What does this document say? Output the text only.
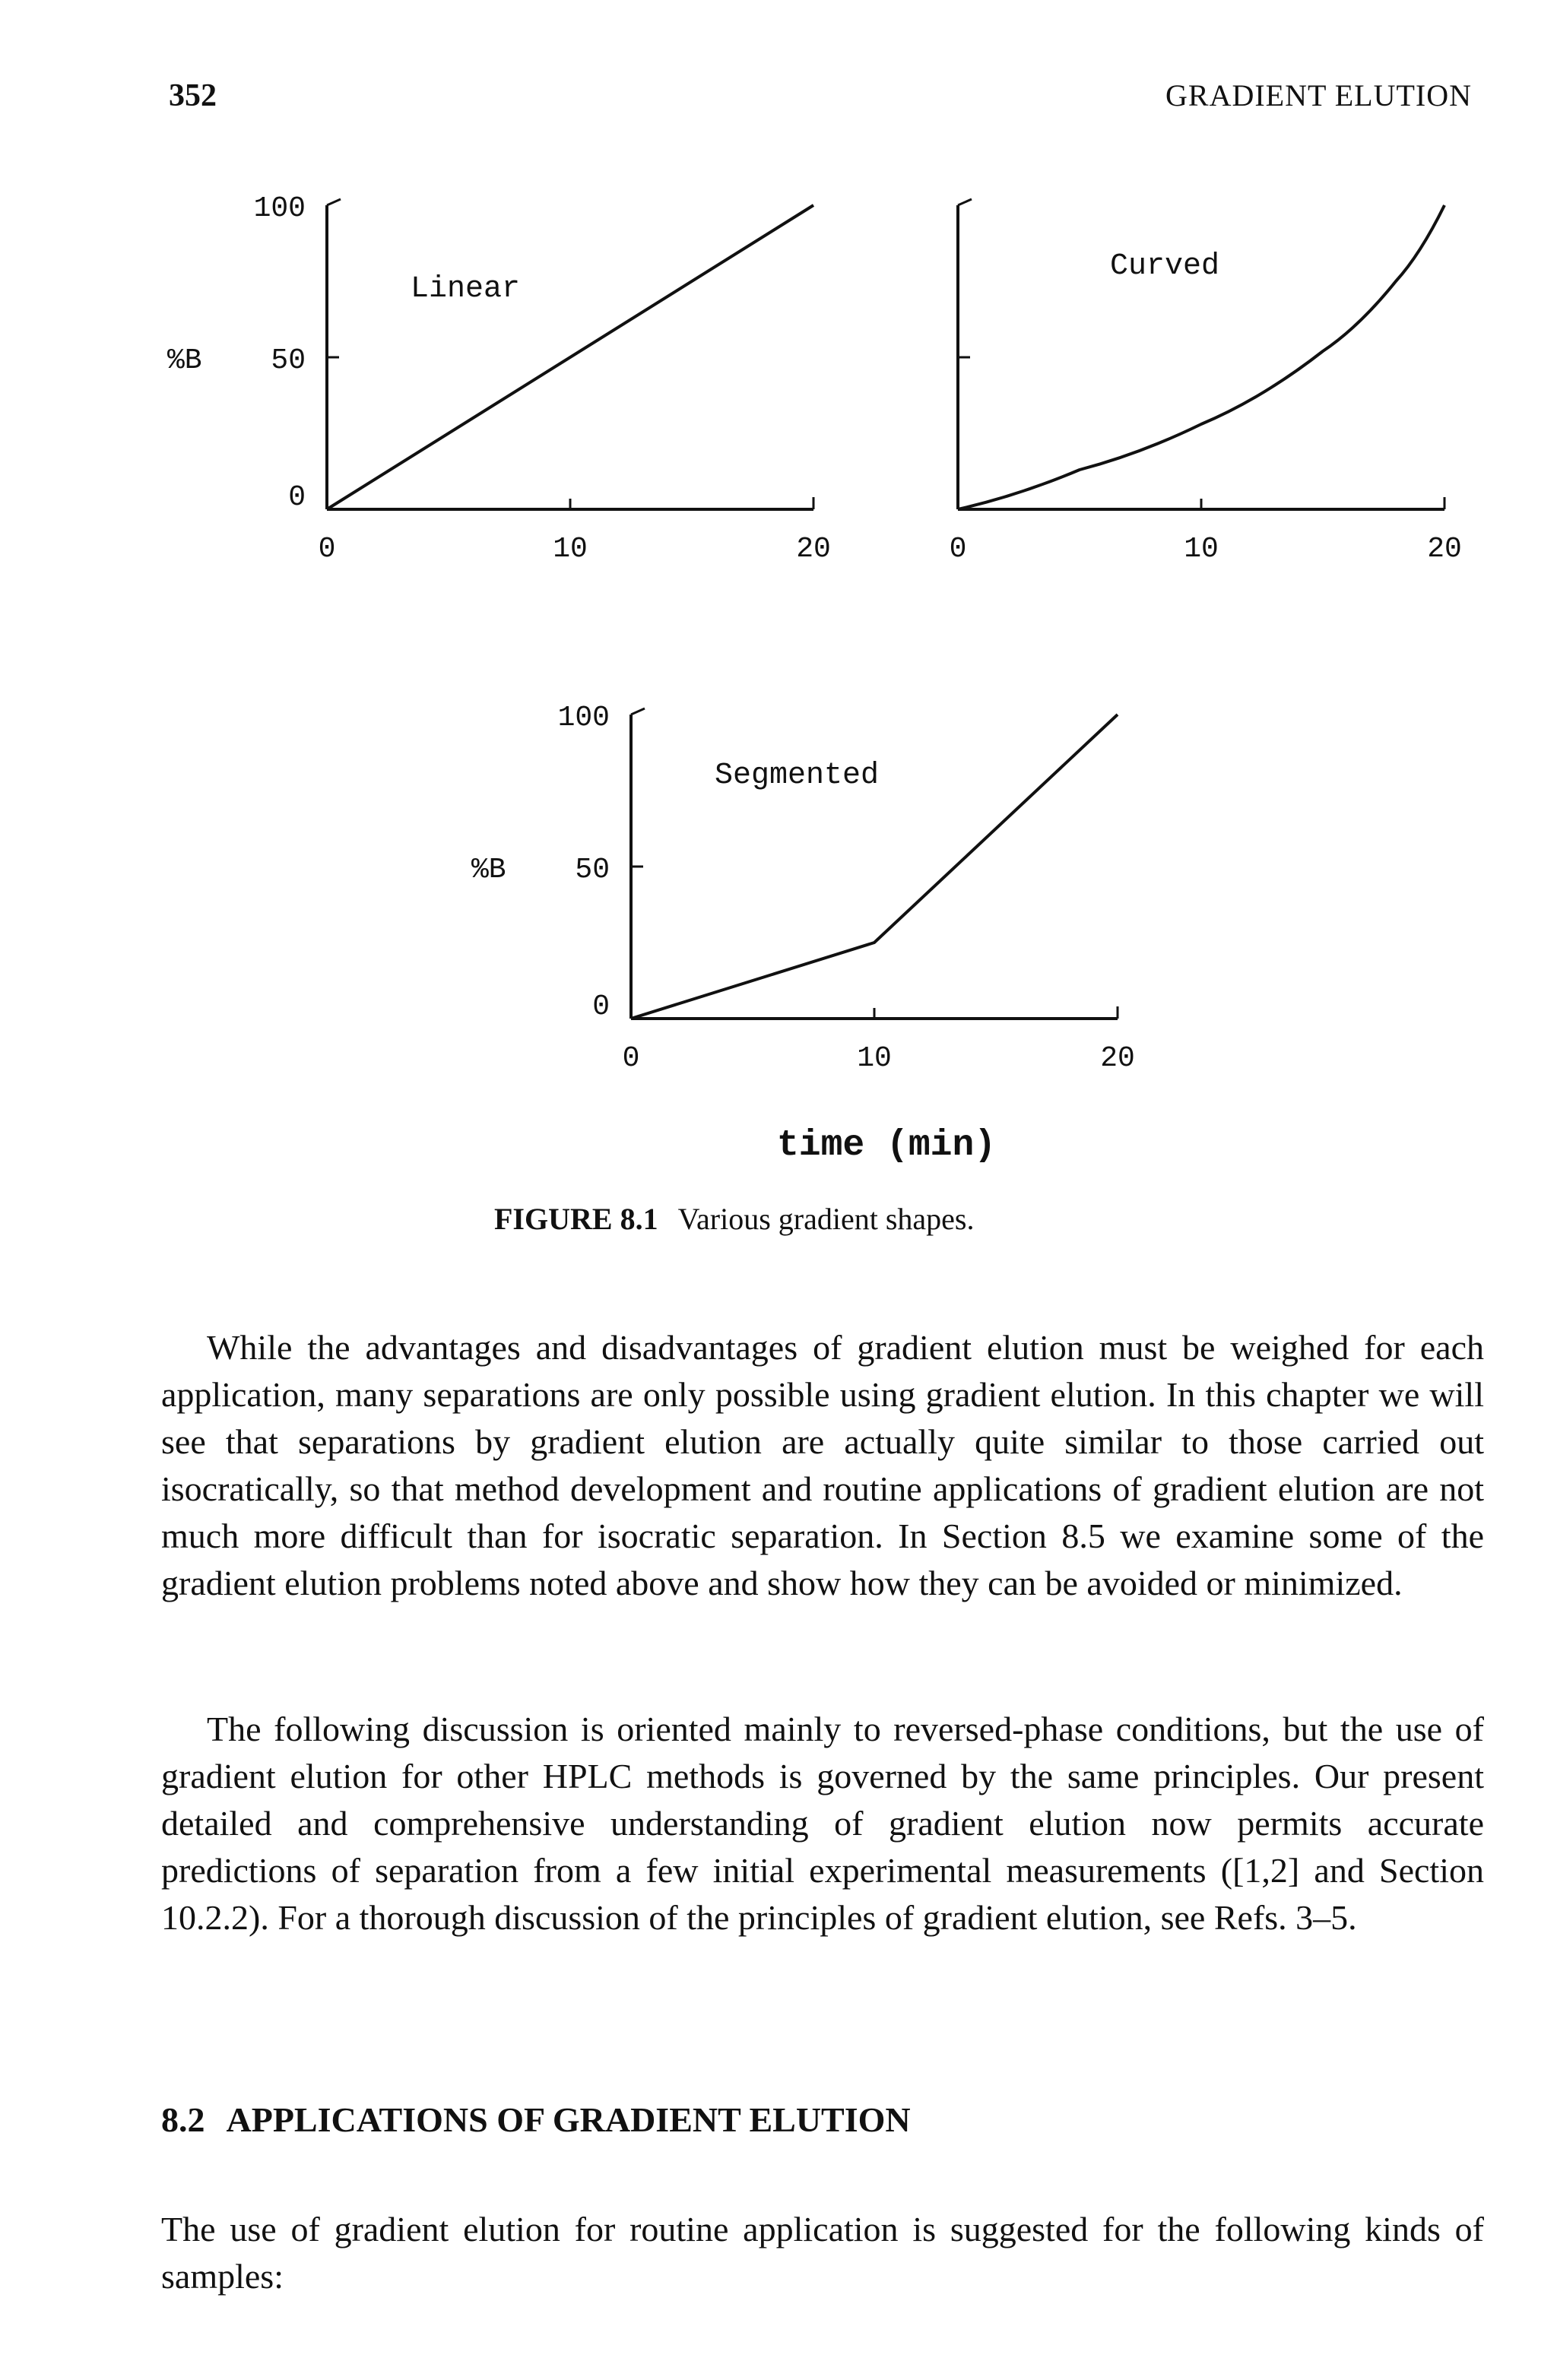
352	GRADIENT ELUTION
0	10	20
0
50
100
%B
Linear
0	10	20
Curved
0	10	20
0
50
100
%B
Segmented
time (min)
FIGURE 8.1 Various gradient shapes.

While the advantages and disadvantages of gradient elution must be weighed for each application, many separations are only possible using gradient elution. In this chapter we will see that separations by gradient elution are actually quite similar to those carried out isocratically, so that method development and routine applications of gradient elution are not much more difficult than for isocratic separation. In Section 8.5 we examine some of the gradient elution problems noted above and show how they can be avoided or minimized.

The following discussion is oriented mainly to reversed-phase conditions, but the use of gradient elution for other HPLC methods is governed by the same principles. Our present detailed and comprehensive understanding of gradient elution now permits accurate predictions of separation from a few initial experimental measurements ([1,2] and Section 10.2.2). For a thorough discussion of the principles of gradient elution, see Refs. 3–5.

8.2 APPLICATIONS OF GRADIENT ELUTION

The use of gradient elution for routine application is suggested for the following kinds of samples:
